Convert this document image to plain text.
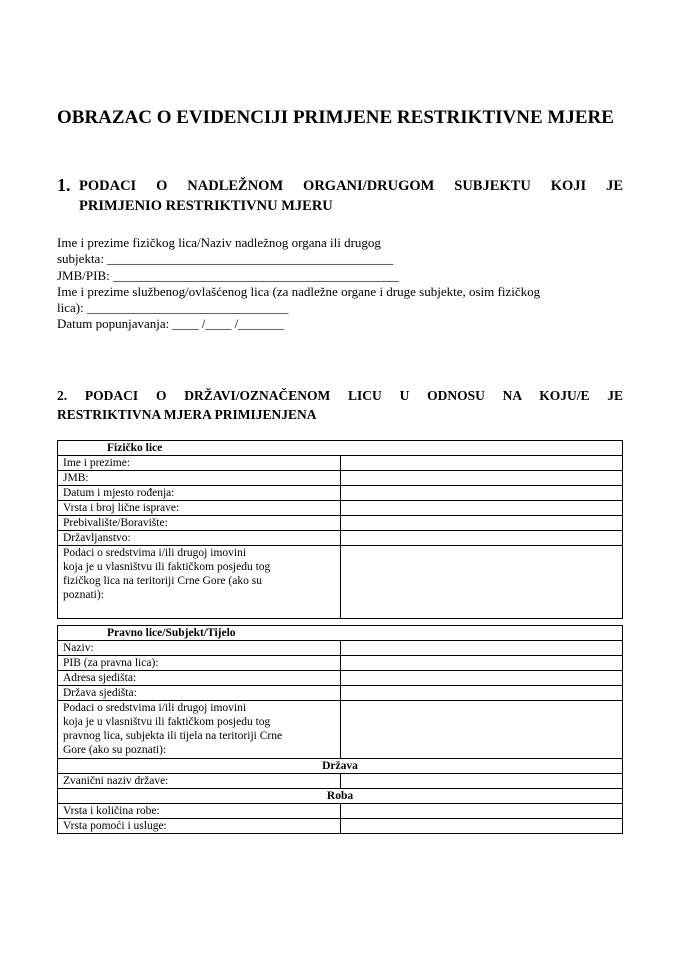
OBRAZAC O EVIDENCIJI PRIMJENE RESTRIKTIVNE MJERE
1. PODACI O NADLEŽNOM ORGANI/DRUGOM SUBJEKTU KOJI JE
PRIMJENIO RESTRIKTIVNU MJERU
Ime i prezime fizičkog lica/Naziv nadležnog organa ili drugog
subjekta: ____________________________________________
JMB/PIB: ____________________________________________
Ime i prezime službenog/ovlašćenog lica (za nadležne organe i druge subjekte, osim fizičkog
lica): _______________________________
Datum popunjavanja: ____ /____ /_______
2. PODACI O DRŽAVI/OZNAČENOM LICU U ODNOSU NA KOJU/E JE
RESTRIKTIVNA MJERA PRIMIJENJENA
Fizičko lice	
Ime i prezime:	
JMB:	
Datum i mjesto rođenja:	
Vrsta i broj lične isprave:	
Prebivalište/Boravište:	
Državljanstvo:	

Podaci o sredstvima i/ili drugoj imovini
koja je u vlasništvu ili faktičkom posjedu tog
fizičkog lica na teritoriji Crne Gore (ako su
poznati):	

Pravno lice/Subjekt/Tijelo	
Naziv:	
PIB (za pravna lica):	
Adresa sjedišta:	
Država sjedišta:	

Podaci o sredstvima i/ili drugoj imovini
koja je u vlasništvu ili faktičkom posjedu tog
pravnog lica, subjekta ili tijela na teritoriji Crne
Gore (ako su poznati):	

Država	
Zvanični naziv države:	
Roba	
Vrsta i količina robe:	
Vrsta pomoći i usluge:	
